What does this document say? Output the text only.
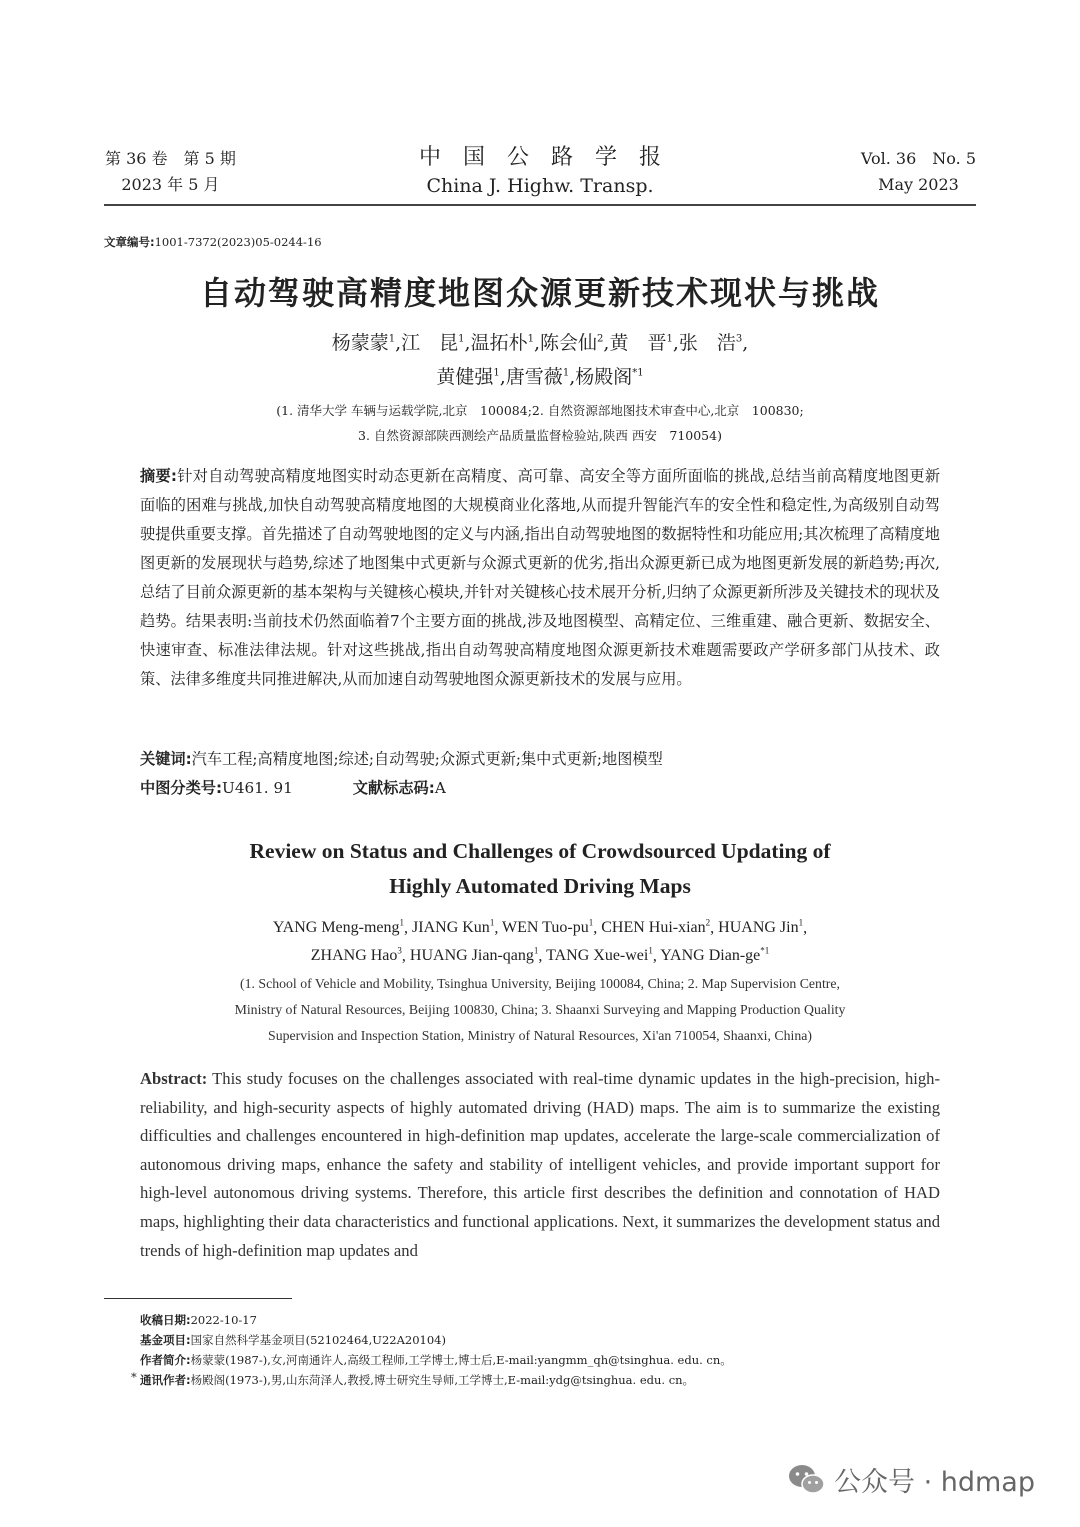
第 36 卷　第 5 期
2023 年 5 月
中国公路学报
China J. Highw. Transp.
Vol. 36　No. 5
May 2023
文章编号:1001-7372(2023)05-0244-16
自动驾驶高精度地图众源更新技术现状与挑战
杨蒙蒙$^1$,江　昆$^1$,温拓朴$^1$,陈会仙$^2$,黄　晋$^1$,张　浩$^3$,
黄健强$^1$,唐雪薇$^1$,杨殿阁$^{*1}$
(1. 清华大学 车辆与运载学院,北京　100084;2. 自然资源部地图技术审查中心,北京　100830;
3. 自然资源部陕西测绘产品质量监督检验站,陕西 西安　710054)
摘要:针对自动驾驶高精度地图实时动态更新在高精度、高可靠、高安全等方面所面临的挑战,总结当前高精度地图更新面临的困难与挑战,加快自动驾驶高精度地图的大规模商业化落地,从而提升智能汽车的安全性和稳定性,为高级别自动驾驶提供重要支撑。首先描述了自动驾驶地图的定义与内涵,指出自动驾驶地图的数据特性和功能应用;其次梳理了高精度地图更新的发展现状与趋势,综述了地图集中式更新与众源式更新的优劣,指出众源更新已成为地图更新发展的新趋势;再次,总结了目前众源更新的基本架构与关键核心模块,并针对关键核心技术展开分析,归纳了众源更新所涉及关键技术的现状及趋势。结果表明:当前技术仍然面临着7个主要方面的挑战,涉及地图模型、高精定位、三维重建、融合更新、数据安全、快速审查、标准法律法规。针对这些挑战,指出自动驾驶高精度地图众源更新技术难题需要政产学研多部门从技术、政策、法律多维度共同推进解决,从而加速自动驾驶地图众源更新技术的发展与应用。
关键词:汽车工程;高精度地图;综述;自动驾驶;众源式更新;集中式更新;地图模型
中图分类号:U461. 91	文献标志码:A
Review on Status and Challenges of Crowdsourced Updating of
Highly Automated Driving Maps
YANG Meng-meng$^1$, JIANG Kun$^1$, WEN Tuo-$pu^1$, CHEN Hui-xian$^2$, HUANG Jin$^1$,
ZHANG Hao$^3$, HUANG Jian-qang$^1$, TANG Xue-wei$^1$, YANG Dian-$ge^{*1}$
(1. School of Vehicle and Mobility, Tsinghua University, Beijing 100084, China; 2. Map Supervision Centre,
Ministry of Natural Resources, Beijing 100830, China; 3. Shaanxi Surveying and Mapping Production Quality
Supervision and Inspection Station, Ministry of Natural Resources, Xi'an 710054, Shaanxi, China)
Abstract: This study focuses on the challenges associated with real-time dynamic updates in the high-precision, high-reliability, and high-security aspects of highly automated driving (HAD) maps. The aim is to summarize the existing difficulties and challenges encountered in high-definition map updates, accelerate the large-scale commercialization of autonomous driving maps, enhance the safety and stability of intelligent vehicles, and provide important support for high-level autonomous driving systems. Therefore, this article first describes the definition and connotation of HAD maps, highlighting their data characteristics and functional applications. Next, it summarizes the development status and trends of high-definition map updates and
收稿日期:2022-10-17
基金项目:国家自然科学基金项目(52102464,U22A20104)
作者简介:杨蒙蒙(1987-),女,河南通许人,高级工程师,工学博士,博士后,E-mail:yangmm_qh@tsinghua. edu. cn。
* 通讯作者:杨殿阁(1973-),男,山东菏泽人,教授,博士研究生导师,工学博士,E-mail:ydg@tsinghua. edu. cn。
公众号 · hdmap
